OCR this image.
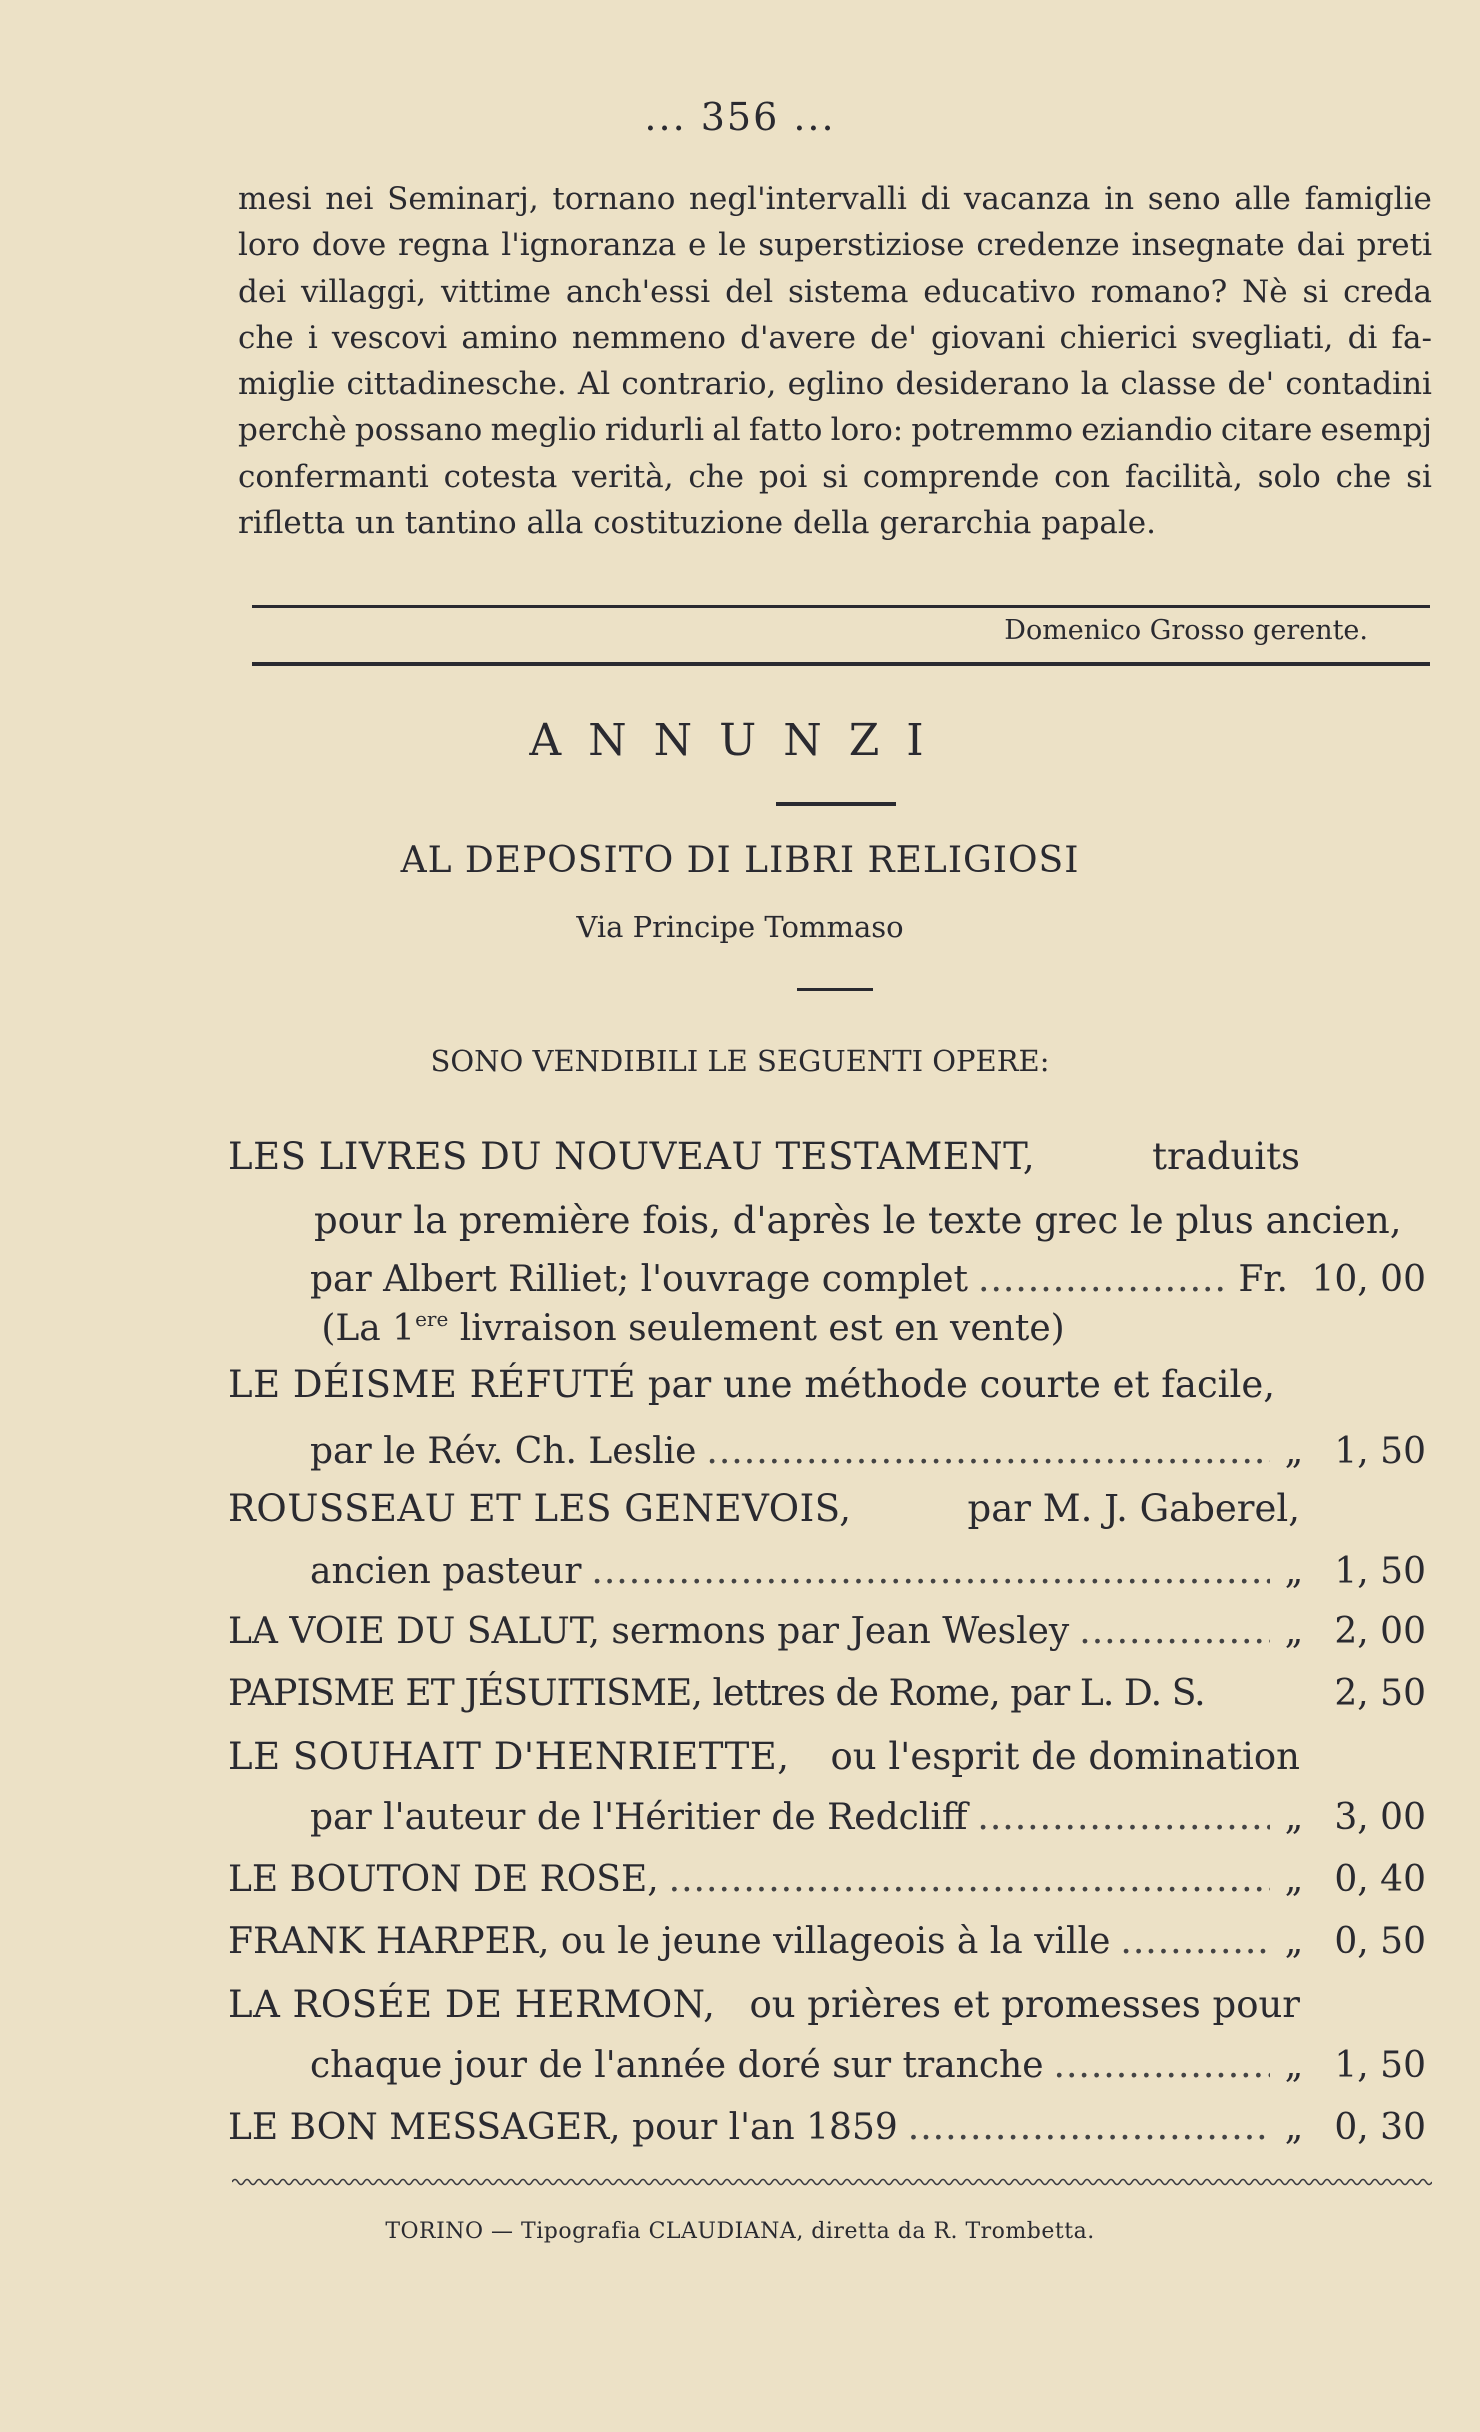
... 356 ...
mesi nei Seminarj, tornano negl'intervalli di vacanza in seno alle famiglie
loro dove regna l'ignoranza e le superstiziose credenze insegnate dai preti
dei villaggi, vittime anch'essi del sistema educativo romano? Nè si creda
che i vescovi amino nemmeno d'avere de' giovani chierici svegliati, di fa-
miglie cittadinesche. Al contrario, eglino desiderano la classe de' contadini
perchè possano meglio ridurli al fatto loro: potremmo eziandio citare esempj
confermanti cotesta verità, che poi si comprende con facilità, solo che si
rifletta un tantino alla costituzione della gerarchia papale.
Domenico Grosso gerente.
ANNUNZI
AL DEPOSITO DI LIBRI RELIGIOSI
Via Principe Tommaso
SONO VENDIBILI LE SEGUENTI OPERE:
LES LIVRES DU NOUVEAU TESTAMENT,	traduits
pour la première fois, d'après le texte grec le plus ancien,
par Albert Rilliet; l'ouvrage complet .....	Fr. 10, 00
(La 1ere livraison seulement est en vente)
LE DÉISME RÉFUTÉ par une méthode courte et facile,
par le Rév. Ch. Leslie .....	„ 1, 50
ROUSSEAU ET LES GENEVOIS,	par M. J. Gaberel,
ancien pasteur .....	„ 1, 50
LA VOIE DU SALUT, sermons par Jean Wesley .....	„ 2, 00
PAPISME ET JÉSUITISME, lettres de Rome, par L. D. S.	2, 50
LE SOUHAIT D'HENRIETTE, ou l'esprit de domination
par l'auteur de l'Héritier de Redcliff .....	„ 3, 00
LE BOUTON DE ROSE, .....	„ 0, 40
FRANK HARPER, ou le jeune villageois à la ville .....	„ 0, 50
LA ROSÉE DE HERMON, ou prières et promesses pour
chaque jour de l'année doré sur tranche .....	„ 1, 50
LE BON MESSAGER, pour l'an 1859 .....	„ 0, 30
TORINO — Tipografia CLAUDIANA, diretta da R. Trombetta.
